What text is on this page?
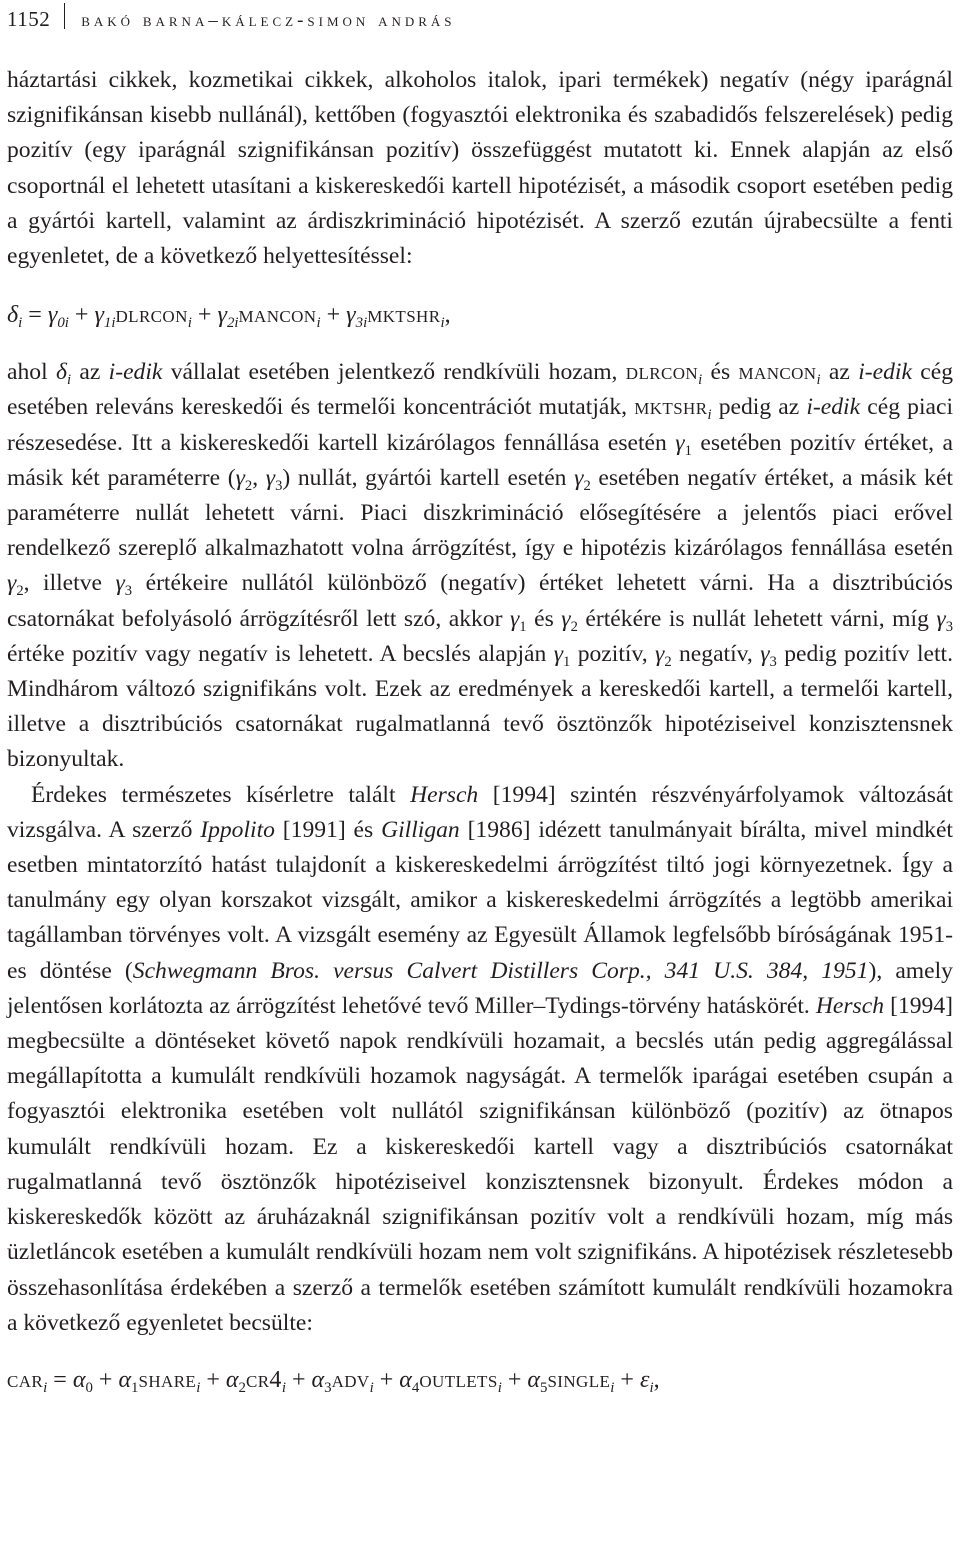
1152	bakó barna–kálecz-simon andrás

háztartási cikkek, kozmetikai cikkek, alkoholos italok, ipari termékek) negatív (négy iparágnál szignifikánsan kisebb nullánál), kettőben (fogyasztói elektronika és szabadidős felszerelések) pedig pozitív (egy iparágnál szignifikánsan pozitív) összefüggést mutatott ki. Ennek alapján az első csoportnál el lehetett utasítani a kiskereskedői kartell hipotézisét, a második csoport esetében pedig a gyártói kartell, valamint az árdiszkrimináció hipotézisét. A szerző ezután újrabecsülte a fenti egyenletet, de a következő helyettesítéssel:

$\delta_i = \gamma_{0i}$ + $\gamma_{1i}dlrcon_i$ + $\gamma_{2i}mancon_i$ + $\gamma_{3i}mktshr_i$,

ahol $\delta_i$ az i-edik vállalat esetében jelentkező rendkívüli hozam, dlrcon$_i$ és mancon$_i$ az i-edik cég esetében releváns kereskedői és termelői koncentrációt mutatják, mktshr$_i$ pedig az i-edik cég piaci részesedése. Itt a kiskereskedői kartell kizárólagos fennállása esetén $\gamma_1$ esetében pozitív értéket, a másik két paraméterre ($\gamma_2$, $\gamma_3$) nullát, gyártói kartell esetén $\gamma_2$ esetében negatív értéket, a másik két paraméterre nullát lehetett várni. Piaci diszkrimináció elősegítésére a jelentős piaci erővel rendelkező szereplő alkalmazhatott volna árrögzítést, így e hipotézis kizárólagos fennállása esetén $\gamma_2$, illetve $\gamma_3$ értékeire nullától különböző (negatív) értéket lehetett várni. Ha a disztribúciós csatornákat befolyásoló árrögzítésről lett szó, akkor $\gamma_1$ és $\gamma_2$ értékére is nullát lehetett várni, míg $\gamma_3$ értéke pozitív vagy negatív is lehetett. A becslés alapján $\gamma_1$ pozitív, $\gamma_2$ negatív, $\gamma_3$ pedig pozitív lett. Mindhárom változó szignifikáns volt. Ezek az eredmények a kereskedői kartell, a termelői kartell, illetve a disztribúciós csatornákat rugalmatlanná tevő ösztönzők hipotéziseivel konzisztensnek bizonyultak.

Érdekes természetes kísérletre talált Hersch [1994] szintén részvényárfolyamok változását vizsgálva. A szerző Ippolito [1991] és Gilligan [1986] idézett tanulmányait bírálta, mivel mindkét esetben mintatorzító hatást tulajdonít a kiskereskedelmi árrögzítést tiltó jogi környezetnek. Így a tanulmány egy olyan korszakot vizsgált, amikor a kiskereskedelmi árrögzítés a legtöbb amerikai tagállamban törvényes volt. A vizsgált esemény az Egyesült Államok legfelsőbb bíróságának 1951-es döntése (Schwegmann Bros. versus Calvert Distillers Corp., 341 U.S. 384, 1951), amely jelentősen korlátozta az árrögzítést lehetővé tevő Miller–Tydings-törvény hatáskörét. Hersch [1994] megbecsülte a döntéseket követő napok rendkívüli hozamait, a becslés után pedig aggregálással megállapította a kumulált rendkívüli hozamok nagyságát. A termelők iparágai esetében csupán a fogyasztói elektronika esetében volt nullától szignifikánsan különböző (pozitív) az ötnapos kumulált rendkívüli hozam. Ez a kiskereskedői kartell vagy a disztribúciós csatornákat rugalmatlanná tevő ösztönzők hipotéziseivel konzisztensnek bizonyult. Érdekes módon a kiskereskedők között az áruházaknál szignifikánsan pozitív volt a rendkívüli hozam, míg más üzletláncok esetében a kumulált rendkívüli hozam nem volt szignifikáns. A hipotézisek részletesebb összehasonlítása érdekében a szerző a termelők esetében számított kumulált rendkívüli hozamokra a következő egyenletet becsülte:

$car_i = \alpha_0$ + $\alpha_1share_i + \alpha_2cr4_i + \alpha_3adv_i$ + $\alpha_4outlets_i$ + $\alpha_5single_i + \varepsilon_i$,
